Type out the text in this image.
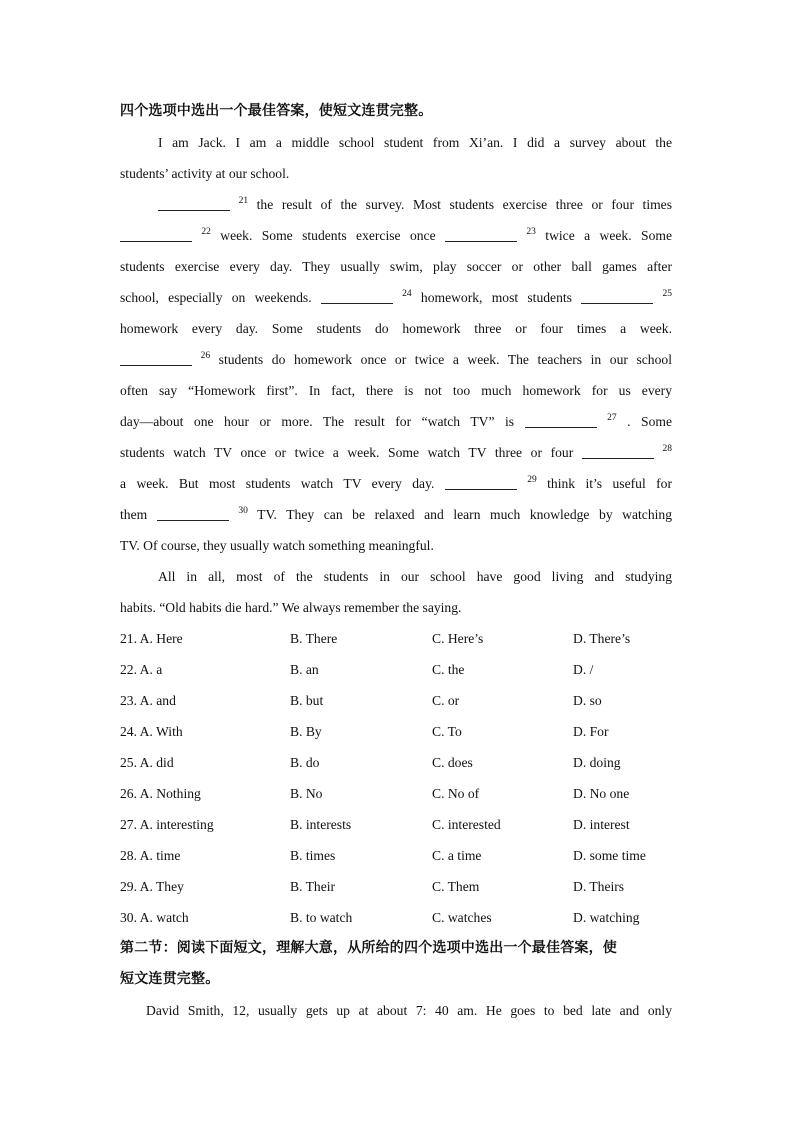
四个选项中选出一个最佳答案，使短文连贯完整。
I am Jack. I am a middle school student from Xi’an. I did a survey about the
students’ activity at our school.
$^{21}$ the result of the survey. Most students exercise three or four times
$^{22}$ week. Some students exercise once	$^{23}$ twice a week. Some
students exercise every day. They usually swim, play soccer or other ball games after
school, especially on weekends.	$^{24}$ homework, most students	$^{25}$
homework every day. Some students do homework three or four times a week.
$^{26}$ students do homework once or twice a week. The teachers in our school
often say “Homework first”. In fact, there is not too much homework for us every
day—about one hour or more. The result for “watch TV” is	$^{27}$ . Some
students watch TV once or twice a week. Some watch TV three or four	$^{28}$
a week. But most students watch TV every day.	$^{29}$ think it’s useful for
them	$^{30}$ TV. They can be relaxed and learn much knowledge by watching
TV. Of course, they usually watch something meaningful.
All in all, most of the students in our school have good living and studying
habits. “Old habits die hard.” We always remember the saying.
21. A. Here	B. There	C. Here’s	D. There’s
22. A. a	B. an	C. the	D. /
23. A. and	B. but	C. or	D. so
24. A. With	B. By	C. To	D. For
25. A. did	B. do	C. does	D. doing
26. A. Nothing	B. No	C. No of	D. No one
27. A. interesting	B. interests	C. interested	D. interest
28. A. time	B. times	C. a time	D. some time
29. A. They	B. Their	C. Them	D. Theirs
30. A. watch	B. to watch	C. watches	D. watching
第二节：阅读下面短文，理解大意，从所给的四个选项中选出一个最佳答案，使
短文连贯完整。
David Smith, 12, usually gets up at about 7: 40 am. He goes to bed late and only
